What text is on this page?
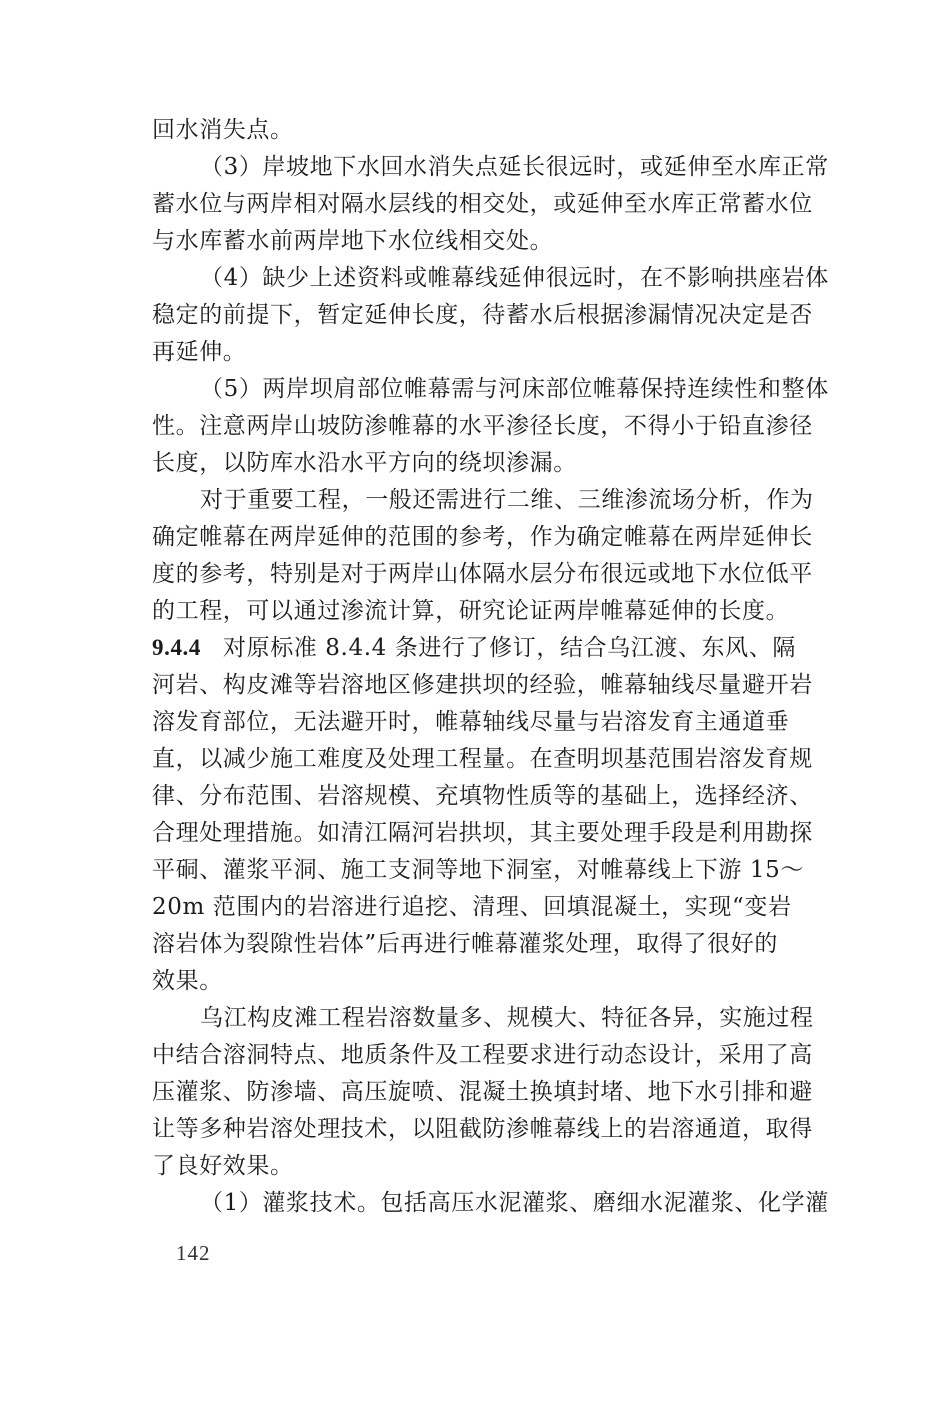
回水消失点。
（3）岸坡地下水回水消失点延长很远时，或延伸至水库正常
蓄水位与两岸相对隔水层线的相交处，或延伸至水库正常蓄水位
与水库蓄水前两岸地下水位线相交处。
（4）缺少上述资料或帷幕线延伸很远时，在不影响拱座岩体
稳定的前提下，暂定延伸长度，待蓄水后根据渗漏情况决定是否
再延伸。
（5）两岸坝肩部位帷幕需与河床部位帷幕保持连续性和整体
性。注意两岸山坡防渗帷幕的水平渗径长度，不得小于铅直渗径
长度，以防库水沿水平方向的绕坝渗漏。
对于重要工程，一般还需进行二维、三维渗流场分析，作为
确定帷幕在两岸延伸的范围的参考，作为确定帷幕在两岸延伸长
度的参考，特别是对于两岸山体隔水层分布很远或地下水位低平
的工程，可以通过渗流计算，研究论证两岸帷幕延伸的长度。
9.4.4 对原标准 8.4.4 条进行了修订，结合乌江渡、东风、隔
河岩、构皮滩等岩溶地区修建拱坝的经验，帷幕轴线尽量避开岩
溶发育部位，无法避开时，帷幕轴线尽量与岩溶发育主通道垂
直，以减少施工难度及处理工程量。在查明坝基范围岩溶发育规
律、分布范围、岩溶规模、充填物性质等的基础上，选择经济、
合理处理措施。如清江隔河岩拱坝，其主要处理手段是利用勘探
平硐、灌浆平洞、施工支洞等地下洞室，对帷幕线上下游 15～
20m 范围内的岩溶进行追挖、清理、回填混凝土，实现“变岩
溶岩体为裂隙性岩体”后再进行帷幕灌浆处理，取得了很好的
效果。
乌江构皮滩工程岩溶数量多、规模大、特征各异，实施过程
中结合溶洞特点、地质条件及工程要求进行动态设计，采用了高
压灌浆、防渗墙、高压旋喷、混凝土换填封堵、地下水引排和避
让等多种岩溶处理技术，以阻截防渗帷幕线上的岩溶通道，取得
了良好效果。
（1）灌浆技术。包括高压水泥灌浆、磨细水泥灌浆、化学灌
142
